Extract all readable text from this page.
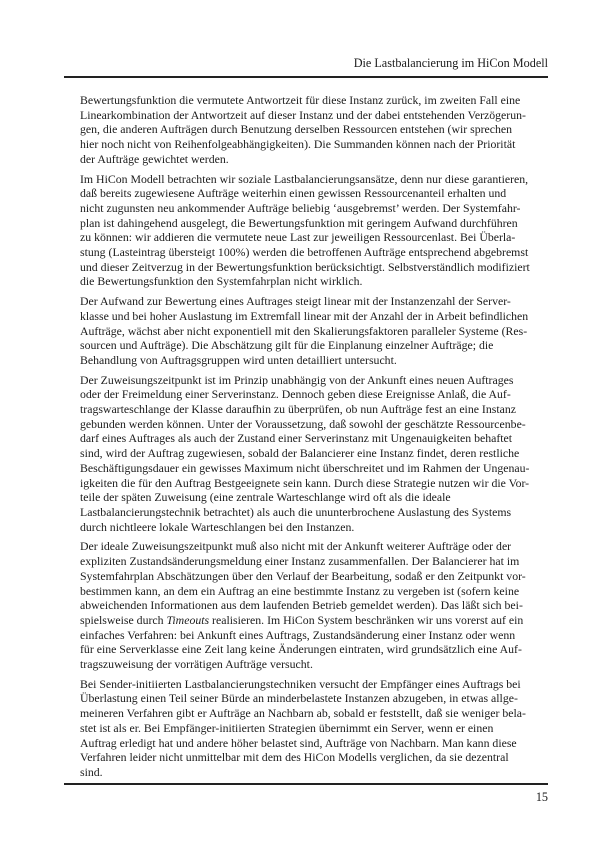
Die Lastbalancierung im HiCon Modell
Bewertungsfunktion die vermutete Antwortzeit für diese Instanz zurück, im zweiten Fall eine
Linearkombination der Antwortzeit auf dieser Instanz und der dabei entstehenden Verzögerun-
gen, die anderen Aufträgen durch Benutzung derselben Ressourcen entstehen (wir sprechen
hier noch nicht von Reihenfolgeabhängigkeiten). Die Summanden können nach der Priorität
der Aufträge gewichtet werden.
Im HiCon Modell betrachten wir soziale Lastbalancierungsansätze, denn nur diese garantieren,
daß bereits zugewiesene Aufträge weiterhin einen gewissen Ressourcenanteil erhalten und
nicht zugunsten neu ankommender Aufträge beliebig ‘ausgebremst’ werden. Der Systemfahr-
plan ist dahingehend ausgelegt, die Bewertungsfunktion mit geringem Aufwand durchführen
zu können: wir addieren die vermutete neue Last zur jeweiligen Ressourcenlast. Bei Überla-
stung (Lasteintrag übersteigt 100%) werden die betroffenen Aufträge entsprechend abgebremst
und dieser Zeitverzug in der Bewertungsfunktion berücksichtigt. Selbstverständlich modifiziert
die Bewertungsfunktion den Systemfahrplan nicht wirklich.
Der Aufwand zur Bewertung eines Auftrages steigt linear mit der Instanzenzahl der Server-
klasse und bei hoher Auslastung im Extremfall linear mit der Anzahl der in Arbeit befindlichen
Aufträge, wächst aber nicht exponentiell mit den Skalierungsfaktoren paralleler Systeme (Res-
sourcen und Aufträge). Die Abschätzung gilt für die Einplanung einzelner Aufträge; die
Behandlung von Auftragsgruppen wird unten detailliert untersucht.
Der Zuweisungszeitpunkt ist im Prinzip unabhängig von der Ankunft eines neuen Auftrages
oder der Freimeldung einer Serverinstanz. Dennoch geben diese Ereignisse Anlaß, die Auf-
tragswarteschlange der Klasse daraufhin zu überprüfen, ob nun Aufträge fest an eine Instanz
gebunden werden können. Unter der Voraussetzung, daß sowohl der geschätzte Ressourcenbe-
darf eines Auftrages als auch der Zustand einer Serverinstanz mit Ungenauigkeiten behaftet
sind, wird der Auftrag zugewiesen, sobald der Balancierer eine Instanz findet, deren restliche
Beschäftigungsdauer ein gewisses Maximum nicht überschreitet und im Rahmen der Ungenau-
igkeiten die für den Auftrag Bestgeeignete sein kann. Durch diese Strategie nutzen wir die Vor-
teile der späten Zuweisung (eine zentrale Warteschlange wird oft als die ideale
Lastbalancierungstechnik betrachtet) als auch die ununterbrochene Auslastung des Systems
durch nichtleere lokale Warteschlangen bei den Instanzen.
Der ideale Zuweisungszeitpunkt muß also nicht mit der Ankunft weiterer Aufträge oder der
expliziten Zustandsänderungsmeldung einer Instanz zusammenfallen. Der Balancierer hat im
Systemfahrplan Abschätzungen über den Verlauf der Bearbeitung, sodaß er den Zeitpunkt vor-
bestimmen kann, an dem ein Auftrag an eine bestimmte Instanz zu vergeben ist (sofern keine
abweichenden Informationen aus dem laufenden Betrieb gemeldet werden). Das läßt sich bei-
spielsweise durch Timeouts realisieren. Im HiCon System beschränken wir uns vorerst auf ein
einfaches Verfahren: bei Ankunft eines Auftrags, Zustandsänderung einer Instanz oder wenn
für eine Serverklasse eine Zeit lang keine Änderungen eintraten, wird grundsätzlich eine Auf-
tragszuweisung der vorrätigen Aufträge versucht.
Bei Sender-initiierten Lastbalancierungstechniken versucht der Empfänger eines Auftrags bei
Überlastung einen Teil seiner Bürde an minderbelastete Instanzen abzugeben, in etwas allge-
meineren Verfahren gibt er Aufträge an Nachbarn ab, sobald er feststellt, daß sie weniger bela-
stet ist als er. Bei Empfänger-initiierten Strategien übernimmt ein Server, wenn er einen
Auftrag erledigt hat und andere höher belastet sind, Aufträge von Nachbarn. Man kann diese
Verfahren leider nicht unmittelbar mit dem des HiCon Modells verglichen, da sie dezentral
sind.
15
